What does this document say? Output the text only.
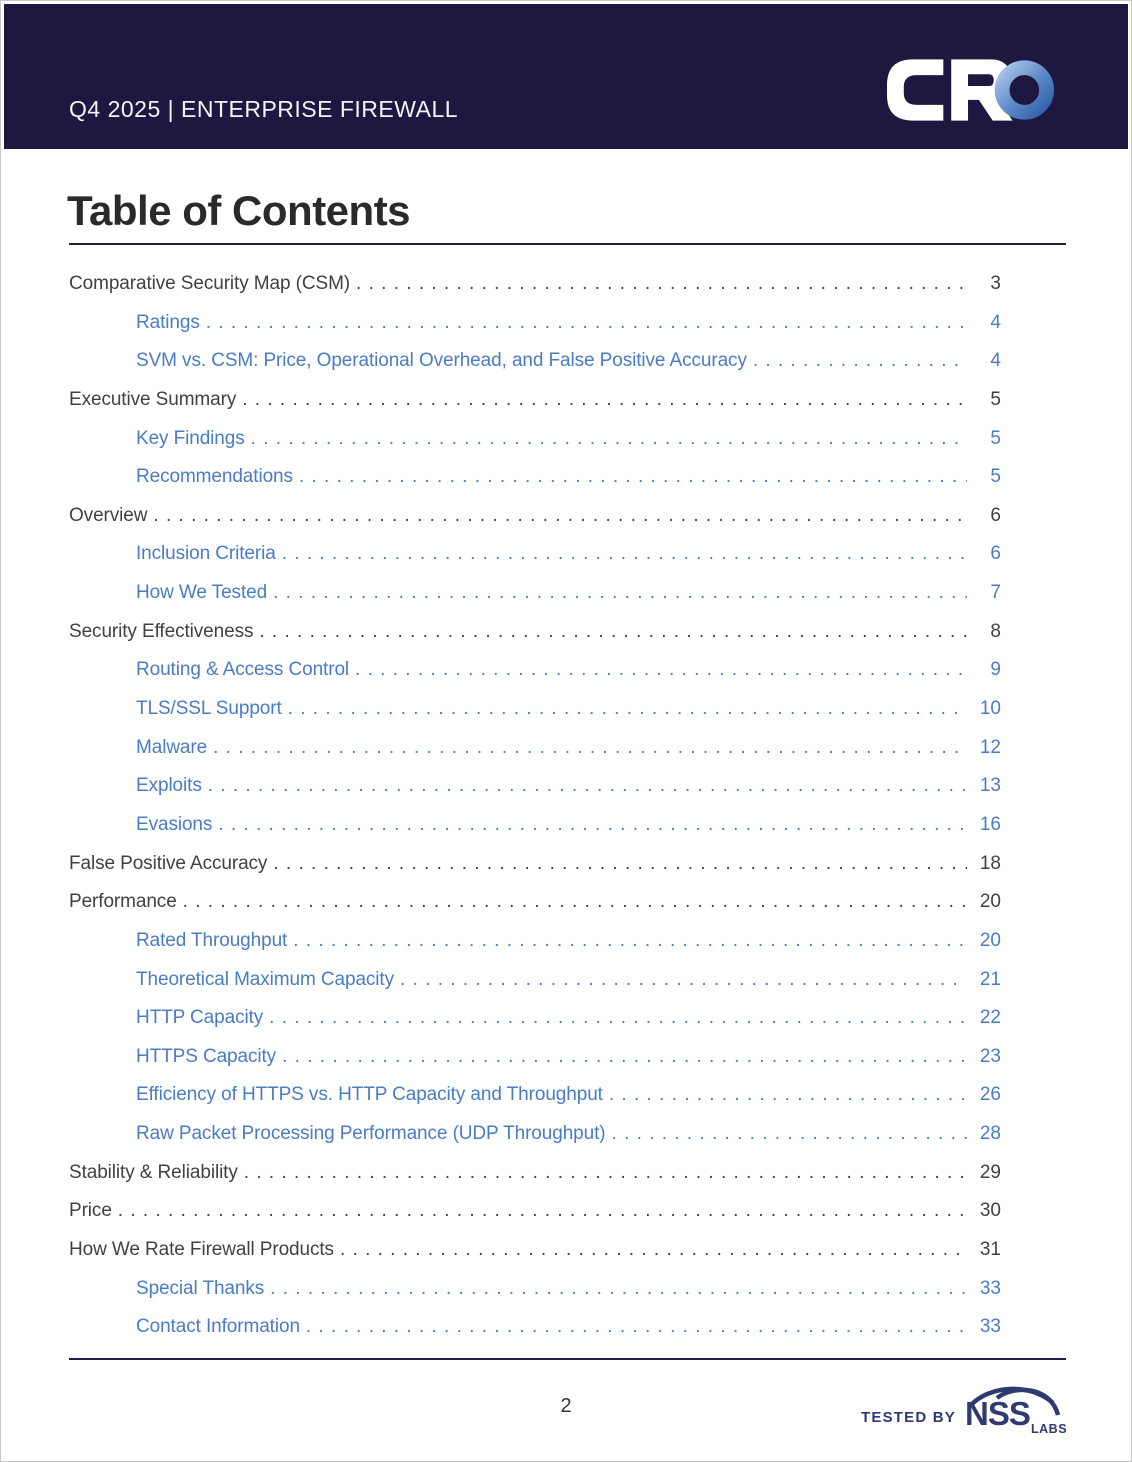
Q4 2025 | ENTERPRISE FIREWALL
Table of Contents
Comparative Security Map (CSM) . . .	3
Ratings . . .	4
SVM vs. CSM: Price, Operational Overhead, and False Positive Accuracy . . .	4
Executive Summary . . .	5
Key Findings . . .	5
Recommendations . . .	5
Overview . . .	6
Inclusion Criteria . . .	6
How We Tested . . .	7
Security Effectiveness . . .	8
Routing & Access Control . . .	9
TLS/SSL Support . . .	10
Malware . . .	12
Exploits . . .	13
Evasions . . .	16
False Positive Accuracy . . .	18
Performance . . .	20
Rated Throughput . . .	20
Theoretical Maximum Capacity . . .	21
HTTP Capacity . . .	22
HTTPS Capacity . . .	23
Efficiency of HTTPS vs. HTTP Capacity and Throughput . . .	26
Raw Packet Processing Performance (UDP Throughput) . . .	28
Stability & Reliability . . .	29
Price . . .	30
How We Rate Firewall Products . . .	31
Special Thanks . . .	33
Contact Information . . .	33
2	TESTED BY NSS LABS
